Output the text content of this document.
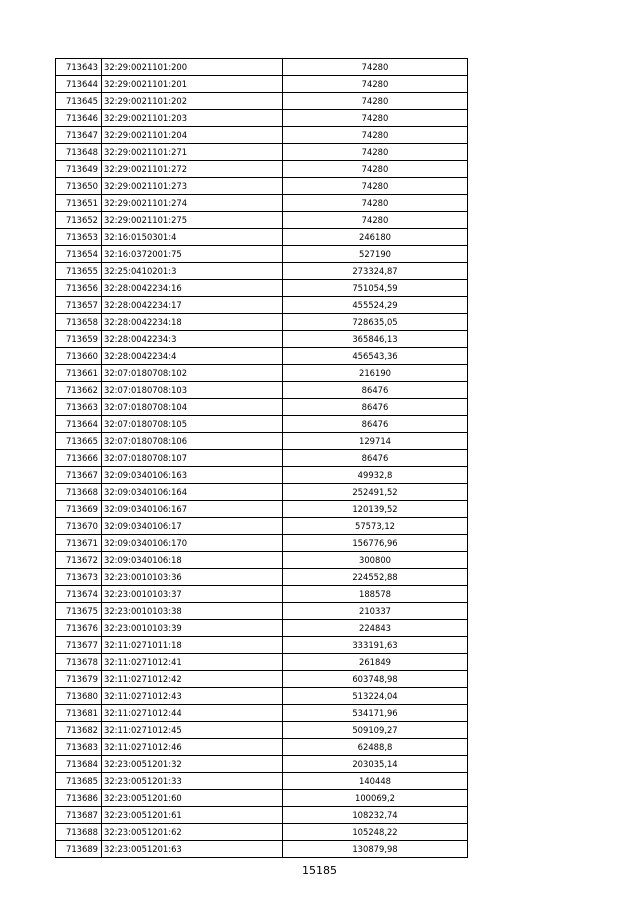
713643	32:29:0021101:200	74280
713644	32:29:0021101:201	74280
713645	32:29:0021101:202	74280
713646	32:29:0021101:203	74280
713647	32:29:0021101:204	74280
713648	32:29:0021101:271	74280
713649	32:29:0021101:272	74280
713650	32:29:0021101:273	74280
713651	32:29:0021101:274	74280
713652	32:29:0021101:275	74280
713653	32:16:0150301:4	246180
713654	32:16:0372001:75	527190
713655	32:25:0410201:3	273324,87
713656	32:28:0042234:16	751054,59
713657	32:28:0042234:17	455524,29
713658	32:28:0042234:18	728635,05
713659	32:28:0042234:3	365846,13
713660	32:28:0042234:4	456543,36
713661	32:07:0180708:102	216190
713662	32:07:0180708:103	86476
713663	32:07:0180708:104	86476
713664	32:07:0180708:105	86476
713665	32:07:0180708:106	129714
713666	32:07:0180708:107	86476
713667	32:09:0340106:163	49932,8
713668	32:09:0340106:164	252491,52
713669	32:09:0340106:167	120139,52
713670	32:09:0340106:17	57573,12
713671	32:09:0340106:170	156776,96
713672	32:09:0340106:18	300800
713673	32:23:0010103:36	224552,88
713674	32:23:0010103:37	188578
713675	32:23:0010103:38	210337
713676	32:23:0010103:39	224843
713677	32:11:0271011:18	333191,63
713678	32:11:0271012:41	261849
713679	32:11:0271012:42	603748,98
713680	32:11:0271012:43	513224,04
713681	32:11:0271012:44	534171,96
713682	32:11:0271012:45	509109,27
713683	32:11:0271012:46	62488,8
713684	32:23:0051201:32	203035,14
713685	32:23:0051201:33	140448
713686	32:23:0051201:60	100069,2
713687	32:23:0051201:61	108232,74
713688	32:23:0051201:62	105248,22
713689	32:23:0051201:63	130879,98
15185
